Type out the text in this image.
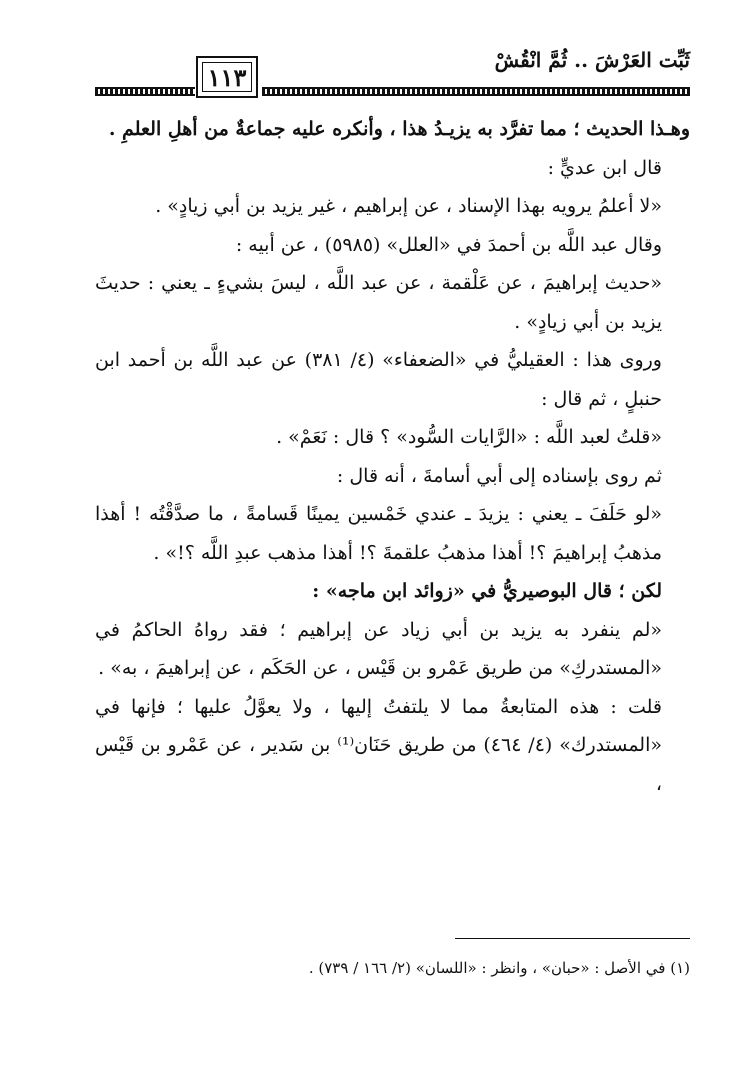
ثَبِّت العَرْشَ .. ثُمَّ انْقُشْ
١١٣

وهـذا الحديث ؛ مما تفرَّد به يزيـدُ هذا ، وأنكره عليه جماعةٌ من أهلِ العلمِ .

قال ابن عديٍّ :

«لا أعلمُ يرويه بهذا الإسناد ، عن إبراهيم ، غير يزيد بن أبي زيادٍ» .

وقال عبد اللَّه بن أحمدَ في «العلل» (٥٩٨٥) ، عن أبيه :

«حديث إبراهيمَ ، عن عَلْقمة ، عن عبد اللَّه ، ليسَ بشيءٍ ـ يعني : حديثَ يزيد بن أبي زيادٍ» .

وروى هذا : العقيليُّ في «الضعفاء» (٤/ ٣٨١) عن عبد اللَّه بن أحمد ابن حنبلٍ ، ثم قال :

«قلتُ لعبد اللَّه : «الرَّايات السُّود» ؟ قال : نَعَمْ» .

ثم روى بإسناده إلى أبي أسامةَ ، أنه قال :

«لو حَلَفَ ـ يعني : يزيدَ ـ عندي خَمْسين يمينًا قَسامةً ، ما صدَّقْتُه ! أهذا مذهبُ إبراهيمَ ؟! أهذا مذهبُ علقمةَ ؟! أهذا مذهب عبدِ اللَّه ؟!» .

لكن ؛ قال البوصيريُّ في «زوائد ابن ماجه» :

«لم ينفرد به يزيد بن أبي زياد عن إبراهيم ؛ فقد رواهُ الحاكمُ في «المستدركِ» من طريق عَمْرو بن قَيْس ، عن الحَكَم ، عن إبراهيمَ ، به» .

قلت : هذه المتابعةُ مما لا يلتفتُ إليها ، ولا يعوَّلُ عليها ؛ فإنها في «المستدرك» (٤/ ٤٦٤) من طريق حَنَان⁽¹⁾ بن سَدير ، عن عَمْرو بن قَيْس ،

(١) في الأصل : «حبان» ، وانظر : «اللسان» (٢/ ١٦٦ / ٧٣٩) .
